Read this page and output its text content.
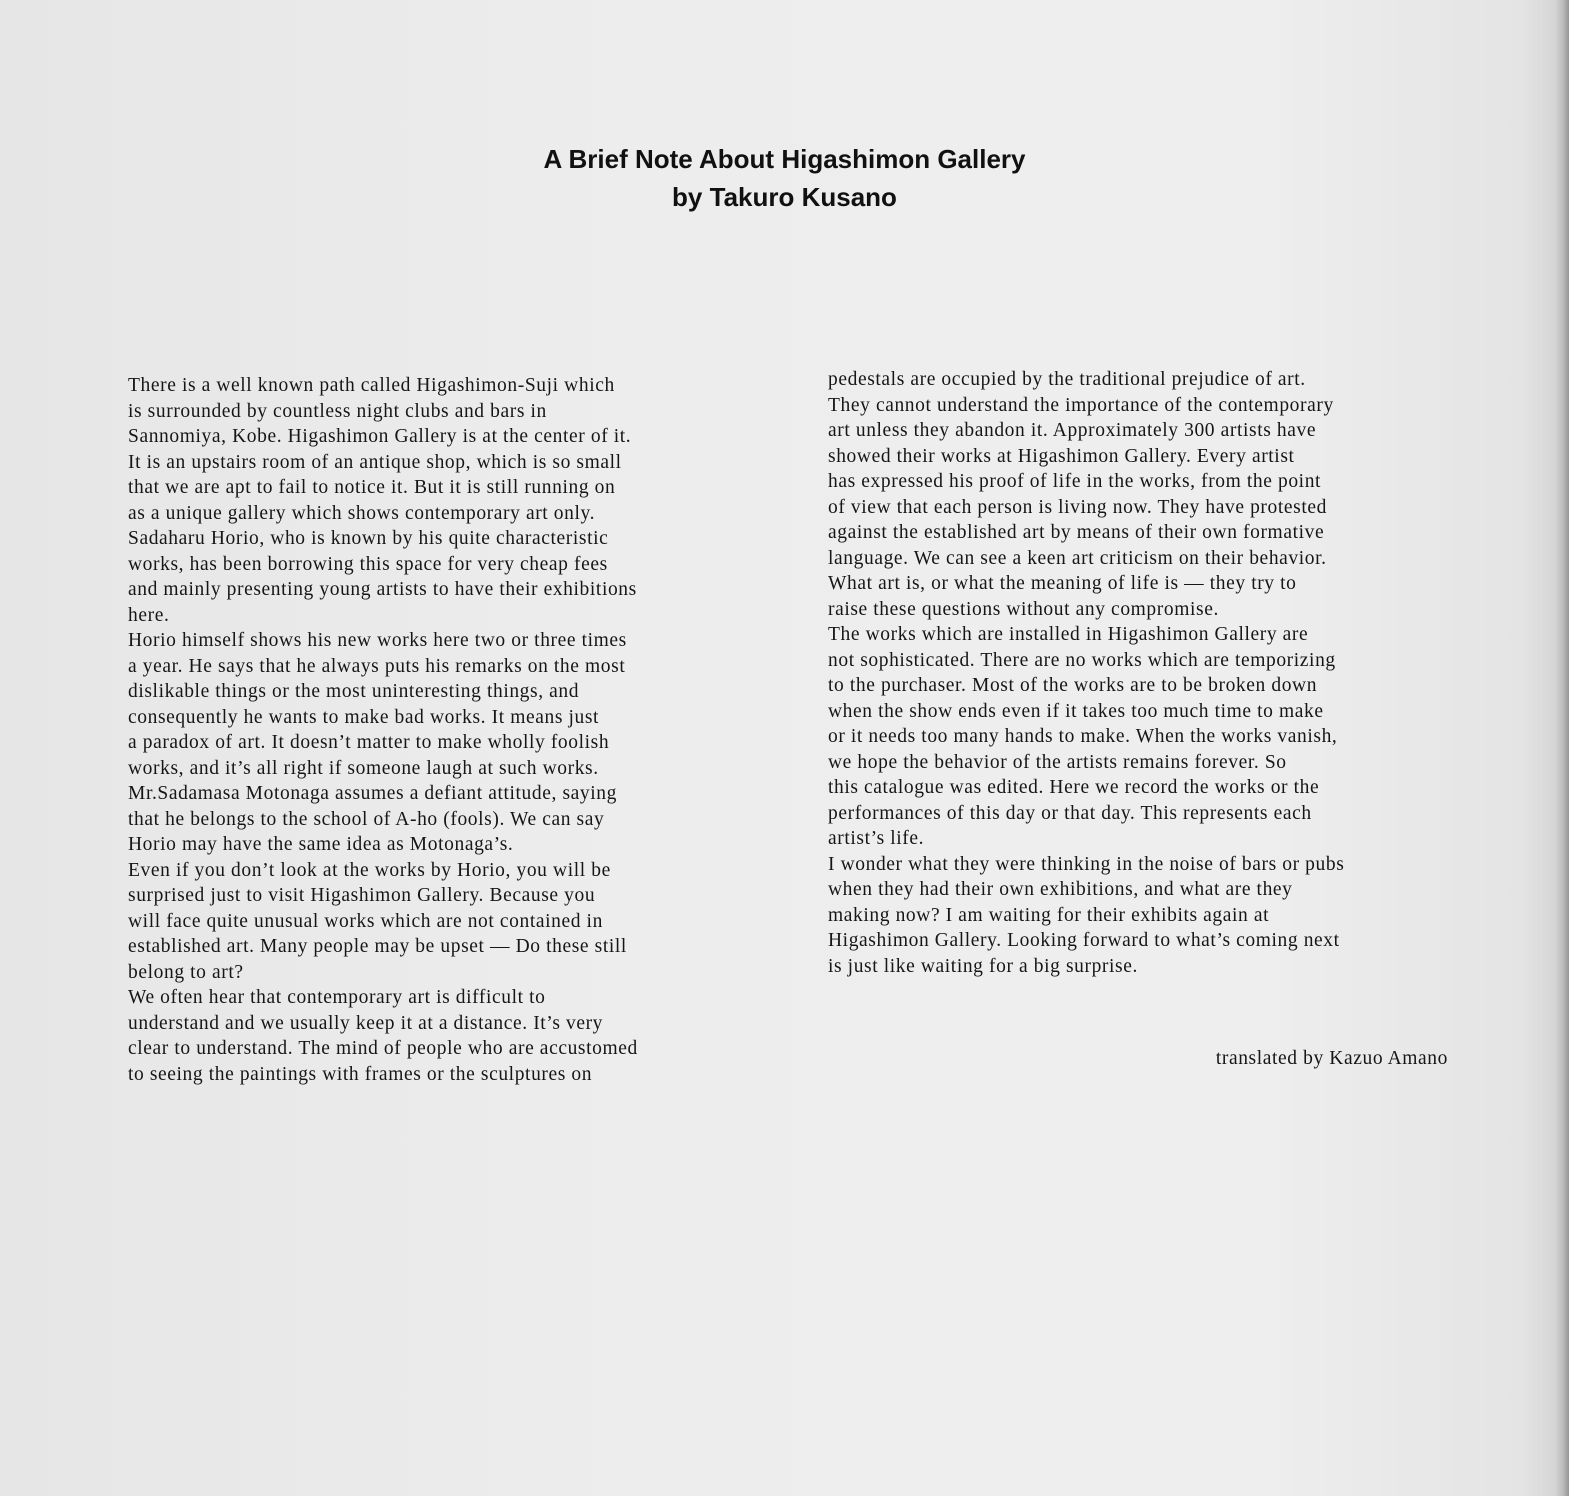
A Brief Note About Higashimon Gallery
by Takuro Kusano
There is a well known path called Higashimon-Suji which
is surrounded by countless night clubs and bars in
Sannomiya, Kobe. Higashimon Gallery is at the center of it.
It is an upstairs room of an antique shop, which is so small
that we are apt to fail to notice it. But it is still running on
as a unique gallery which shows contemporary art only.
Sadaharu Horio, who is known by his quite characteristic
works, has been borrowing this space for very cheap fees
and mainly presenting young artists to have their exhibitions
here.
Horio himself shows his new works here two or three times
a year. He says that he always puts his remarks on the most
dislikable things or the most uninteresting things, and
consequently he wants to make bad works. It means just
a paradox of art. It doesn’t matter to make wholly foolish
works, and it’s all right if someone laugh at such works.
Mr.Sadamasa Motonaga assumes a defiant attitude, saying
that he belongs to the school of A-ho (fools). We can say
Horio may have the same idea as Motonaga’s.
Even if you don’t look at the works by Horio, you will be
surprised just to visit Higashimon Gallery. Because you
will face quite unusual works which are not contained in
established art. Many people may be upset — Do these still
belong to art?
We often hear that contemporary art is difficult to
understand and we usually keep it at a distance. It’s very
clear to understand. The mind of people who are accustomed
to seeing the paintings with frames or the sculptures on
pedestals are occupied by the traditional prejudice of art.
They cannot understand the importance of the contemporary
art unless they abandon it. Approximately 300 artists have
showed their works at Higashimon Gallery. Every artist
has expressed his proof of life in the works, from the point
of view that each person is living now. They have protested
against the established art by means of their own formative
language. We can see a keen art criticism on their behavior.
What art is, or what the meaning of life is — they try to
raise these questions without any compromise.
The works which are installed in Higashimon Gallery are
not sophisticated. There are no works which are temporizing
to the purchaser. Most of the works are to be broken down
when the show ends even if it takes too much time to make
or it needs too many hands to make. When the works vanish,
we hope the behavior of the artists remains forever. So
this catalogue was edited. Here we record the works or the
performances of this day or that day. This represents each
artist’s life.
I wonder what they were thinking in the noise of bars or pubs
when they had their own exhibitions, and what are they
making now? I am waiting for their exhibits again at
Higashimon Gallery. Looking forward to what’s coming next
is just like waiting for a big surprise.
translated by Kazuo Amano
